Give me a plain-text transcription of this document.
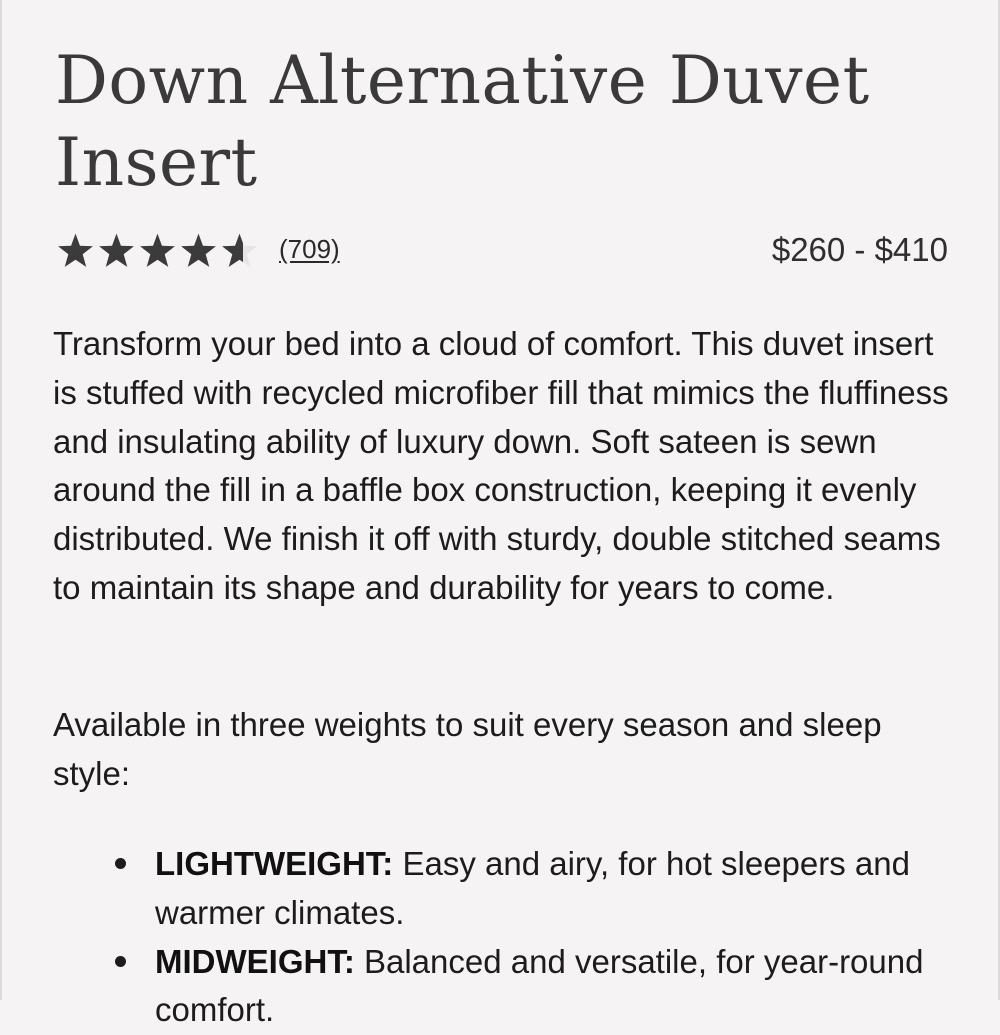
Down Alternative Duvet Insert
(709)	$260 - $410

Transform your bed into a cloud of comfort. This duvet insert is stuffed with recycled microfiber fill that mimics the fluffiness and insulating ability of luxury down. Soft sateen is sewn around the fill in a baffle box construction, keeping it evenly distributed. We finish it off with sturdy, double stitched seams to maintain its shape and durability for years to come.

Available in three weights to suit every season and sleep style:

LIGHTWEIGHT: Easy and airy, for hot sleepers and warmer climates.
MIDWEIGHT: Balanced and versatile, for year-round comfort.
